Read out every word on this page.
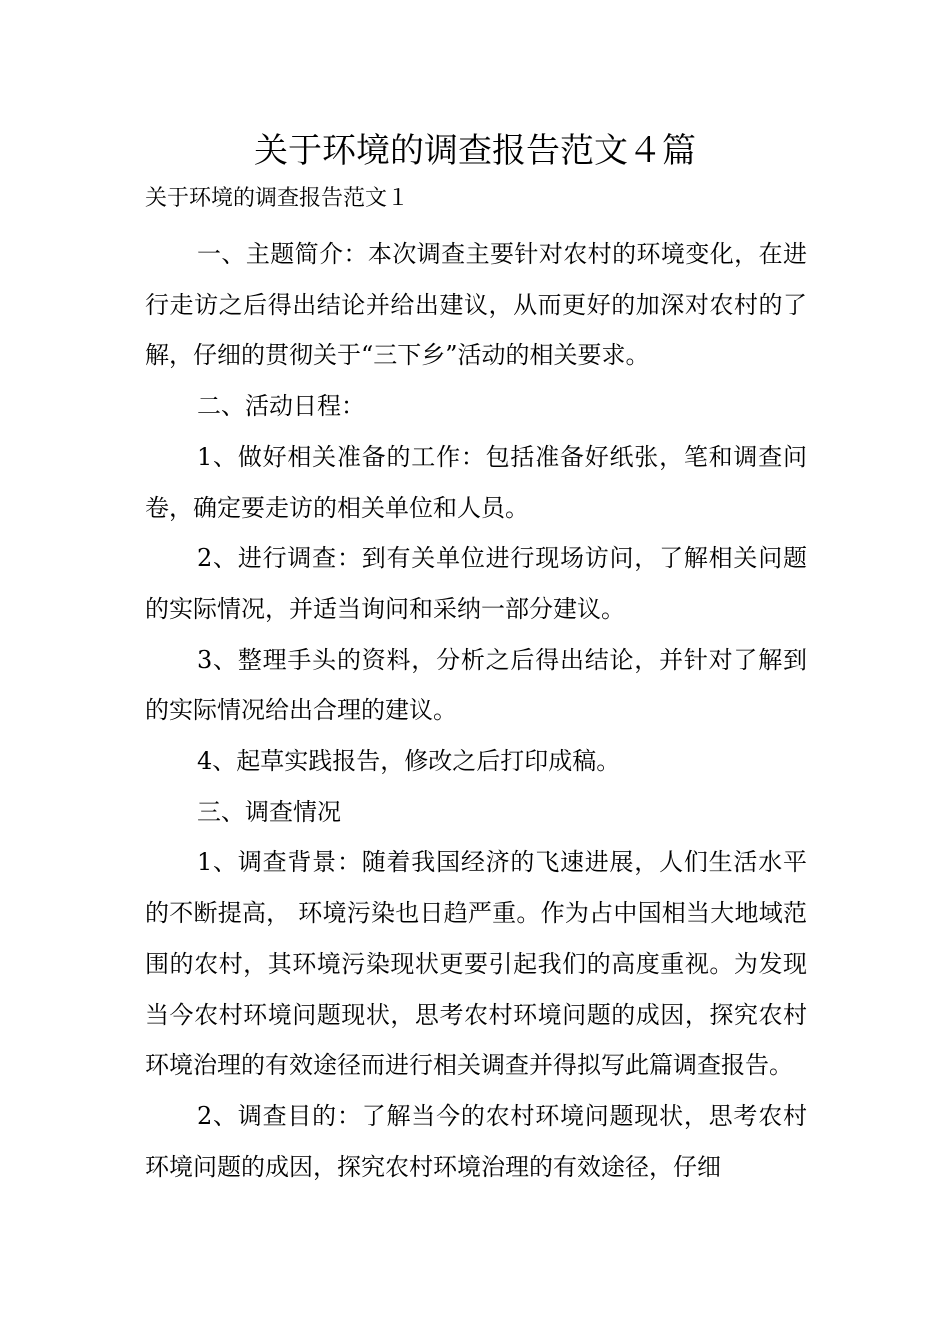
关于环境的调查报告范文４篇
关于环境的调查报告范文１

一、主题简介：本次调查主要针对农村的环境变化，在进行走访之后得出结论并给出建议，从而更好的加深对农村的了解，仔细的贯彻关于“三下乡”活动的相关要求。

二、活动日程：

1、做好相关准备的工作：包括准备好纸张，笔和调查问卷，确定要走访的相关单位和人员。

2、进行调查：到有关单位进行现场访问，了解相关问题的实际情况，并适当询问和采纳一部分建议。

3、整理手头的资料，分析之后得出结论，并针对了解到的实际情况给出合理的建议。

4、起草实践报告，修改之后打印成稿。

三、调查情况

1、调查背景：随着我国经济的飞速进展，人们生活水平的不断提高， 环境污染也日趋严重。作为占中国相当大地域范围的农村，其环境污染现状更要引起我们的高度重视。为发现当今农村环境问题现状，思考农村环境问题的成因，探究农村环境治理的有效途径而进行相关调查并得拟写此篇调查报告。

2、调查目的：了解当今的农村环境问题现状，思考农村环境问题的成因，探究农村环境治理的有效途径，仔细
